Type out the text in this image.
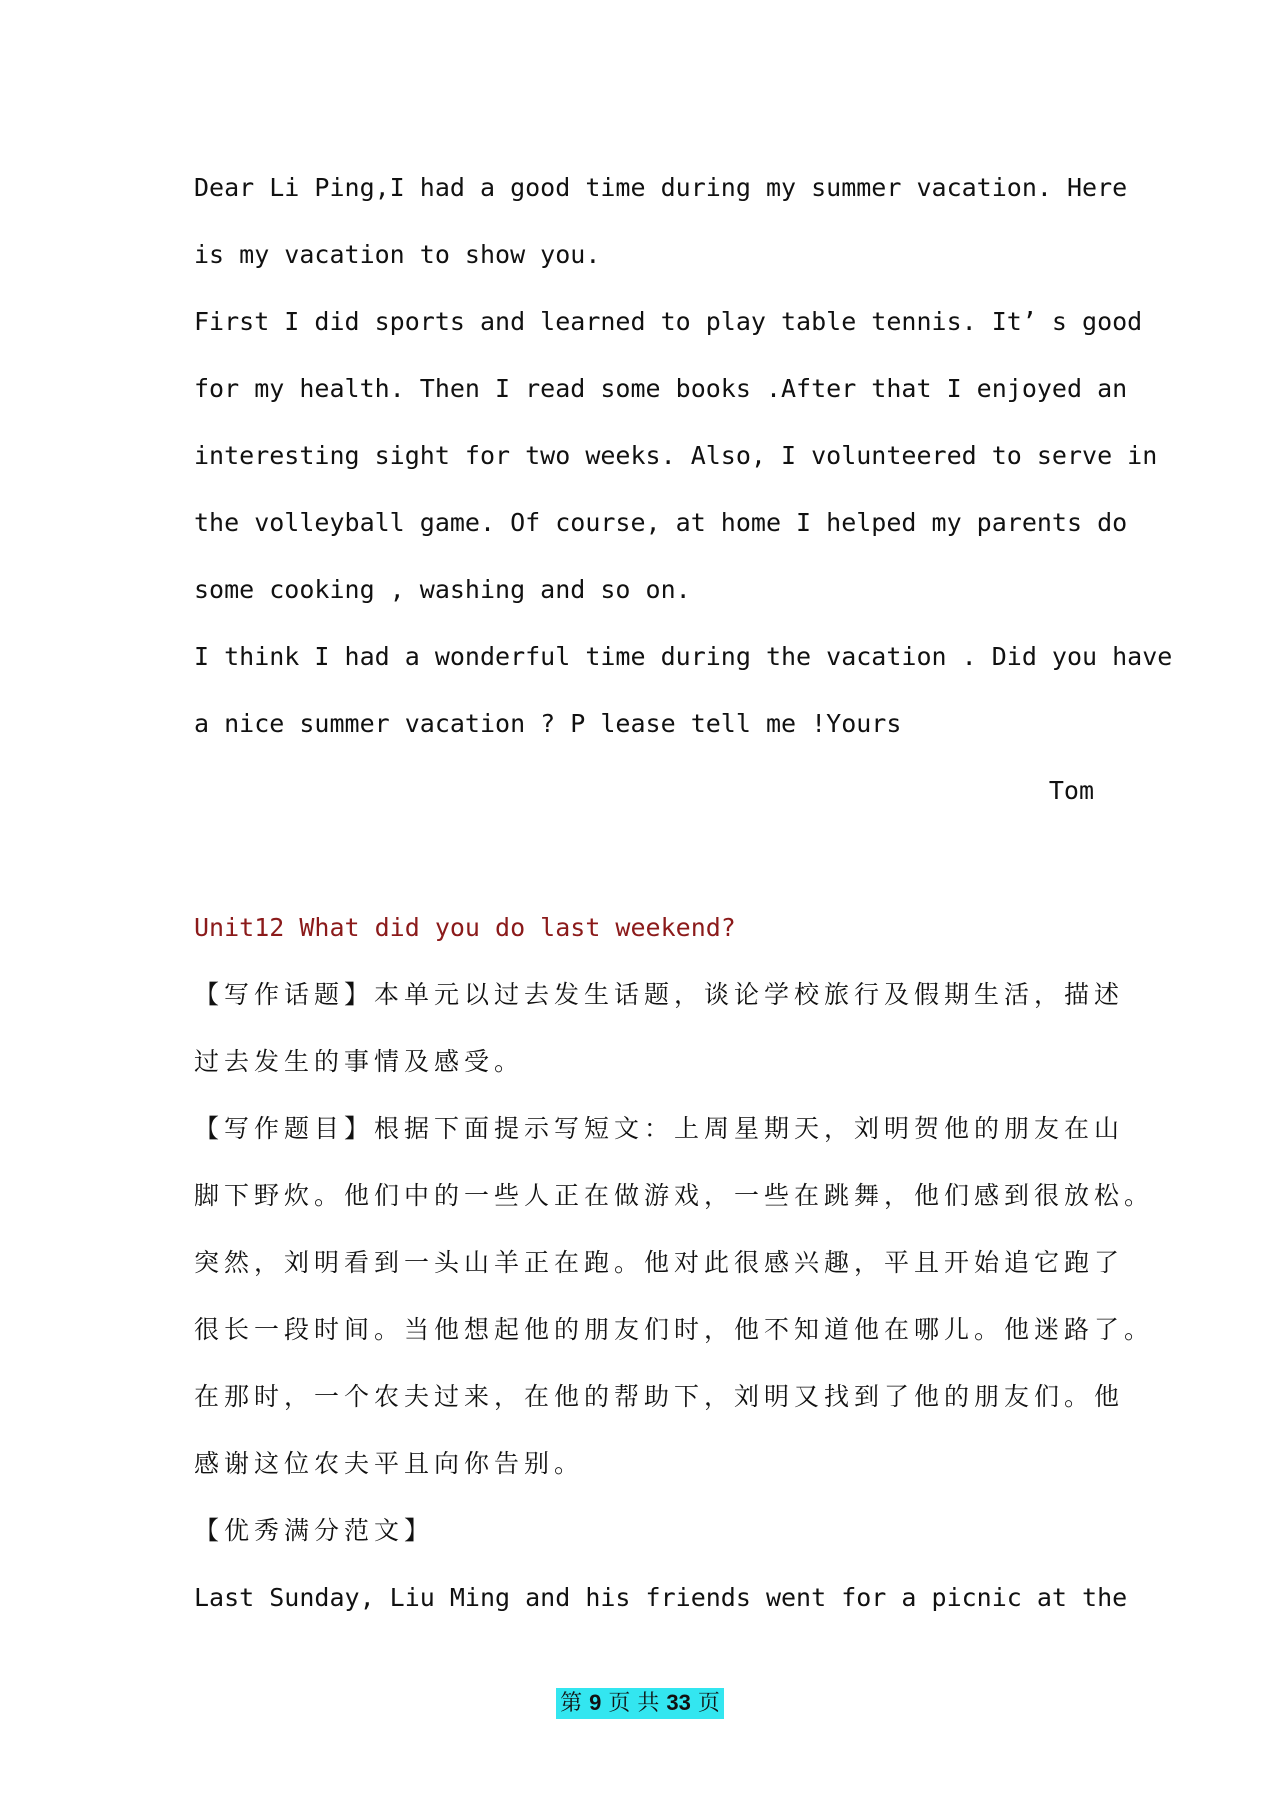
Dear Li Ping,I had a good time during my summer vacation. Here

is my vacation to show you.

First I did sports and learned to play table tennis. It’ s good

for my health. Then I read some books .After that I enjoyed an

interesting sight for two weeks. Also, I volunteered to serve in

the volleyball game. Of course, at home I helped my parents do

some cooking , washing and so on.

I think I had a wonderful time during the vacation . Did you have

a nice summer vacation ? P lease tell me !Yours

Tom

Unit12 What did you do last weekend?

【写作话题】本单元以过去发生话题，谈论学校旅行及假期生活，描述

过去发生的事情及感受。

【写作题目】根据下面提示写短文：上周星期天，刘明贺他的朋友在山

脚下野炊。他们中的一些人正在做游戏，一些在跳舞，他们感到很放松。

突然，刘明看到一头山羊正在跑。他对此很感兴趣，平且开始追它跑了

很长一段时间。当他想起他的朋友们时，他不知道他在哪儿。他迷路了。

在那时，一个农夫过来，在他的帮助下，刘明又找到了他的朋友们。他

感谢这位农夫平且向你告别。

【优秀满分范文】

Last Sunday, Liu Ming and his friends went for a picnic at the

第 9 页 共 33 页
